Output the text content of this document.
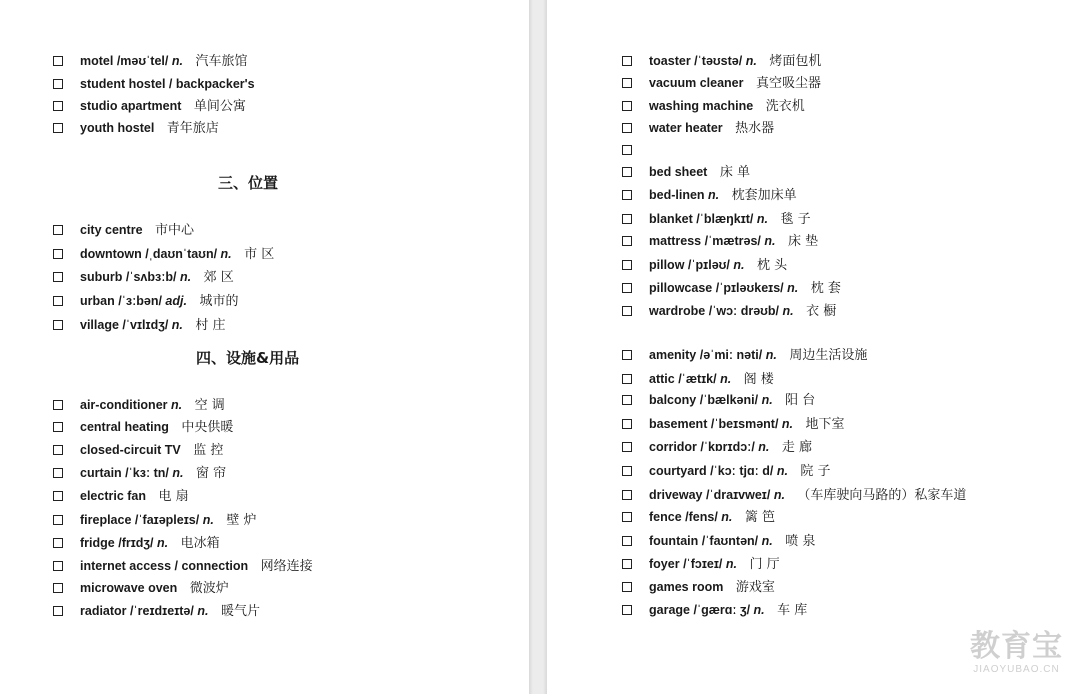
motel /məʊˈtel/ n. 汽车旅馆
student hostel / backpacker's
studio apartment 单间公寓
youth hostel 青年旅店
三、位置
city centre 市中心
downtown /ˌdaʊnˈtaʊn/ n. 市 区
suburb /ˈsʌbɜːb/ n. 郊 区
urban /ˈɜːbən/ adj. 城市的
village /ˈvɪlɪdʒ/ n. 村 庄
四、设施&用品
air-conditioner n. 空 调
central heating 中央供暖
closed-circuit TV 监 控
curtain /ˈkɜː tn/ n. 窗 帘
electric fan 电 扇
fireplace /ˈfaɪəpleɪs/ n. 壁 炉
fridge /frɪdʒ/ n. 电冰箱
internet access / connection 网络连接
microwave oven 微波炉
radiator /ˈreɪdɪeɪtə/ n. 暖气片
toaster /ˈtəʊstə/ n. 烤面包机
vacuum cleaner 真空吸尘器
washing machine 洗衣机
water heater 热水器
bed sheet 床 单
bed-linen n. 枕套加床单
blanket /ˈblæŋkɪt/ n. 毯 子
mattress /ˈmætrəs/ n. 床 垫
pillow /ˈpɪləʊ/ n. 枕 头
pillowcase /ˈpɪləʊkeɪs/ n. 枕 套
wardrobe /ˈwɔː drəʊb/ n. 衣 橱
amenity /əˈmiː nəti/ n. 周边生活设施
attic /ˈætɪk/ n. 阁 楼
balcony /ˈbælkəni/ n. 阳 台
basement /ˈbeɪsmənt/ n. 地下室
corridor /ˈkɒrɪdɔː/ n. 走 廊
courtyard /ˈkɔː tjɑː d/ n. 院 子
driveway /ˈdraɪvweɪ/ n. （车库驶向马路的）私家车道
fence /fens/ n. 篱 笆
fountain /ˈfaʊntən/ n. 喷 泉
foyer /ˈfɔɪeɪ/ n. 门 厅
games room 游戏室
garage /ˈɡærɑː ʒ/ n. 车 库
教育宝
JIAOYUBAO.CN
